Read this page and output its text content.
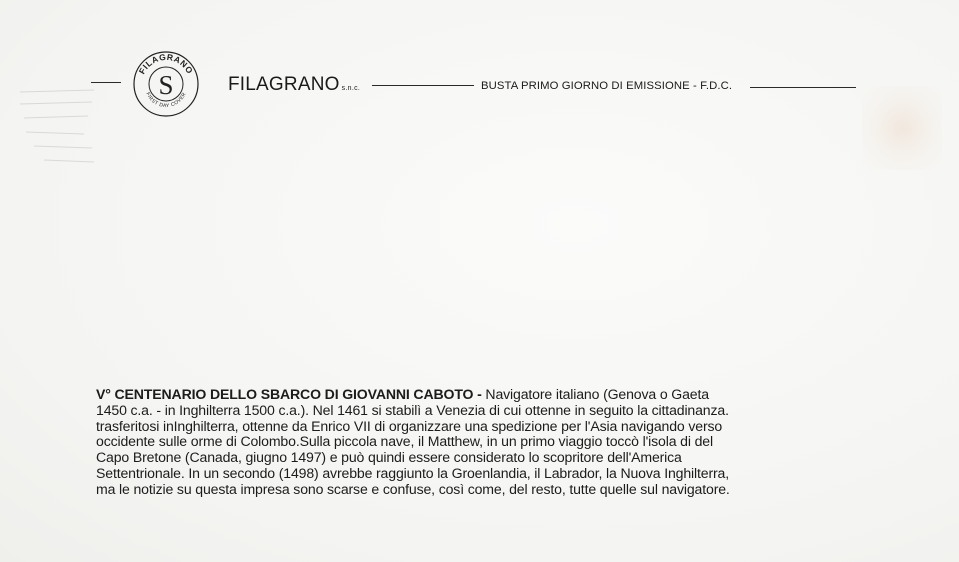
FILAGRANO
FIRST DAY COVER
S	FILAGRANO s.n.c.	BUSTA PRIMO GIORNO DI EMISSIONE - F.D.C.
V° CENTENARIO DELLO SBARCO DI GIOVANNI CABOTO - Navigatore italiano (Genova o Gaeta
1450 c.a. - in Inghilterra 1500 c.a.). Nel 1461 si stabilì a Venezia di cui ottenne in seguito la cittadinanza.
trasferitosi inInghilterra, ottenne da Enrico VII di organizzare una spedizione per l'Asia navigando verso
occidente sulle orme di Colombo.Sulla piccola nave, il Matthew, in un primo viaggio toccò l'isola di del
Capo Bretone (Canada, giugno 1497) e può quindi essere considerato lo scopritore dell'America
Settentrionale. In un secondo (1498) avrebbe raggiunto la Groenlandia, il Labrador, la Nuova Inghilterra,
ma le notizie su questa impresa sono scarse e confuse, così come, del resto, tutte quelle sul navigatore.
